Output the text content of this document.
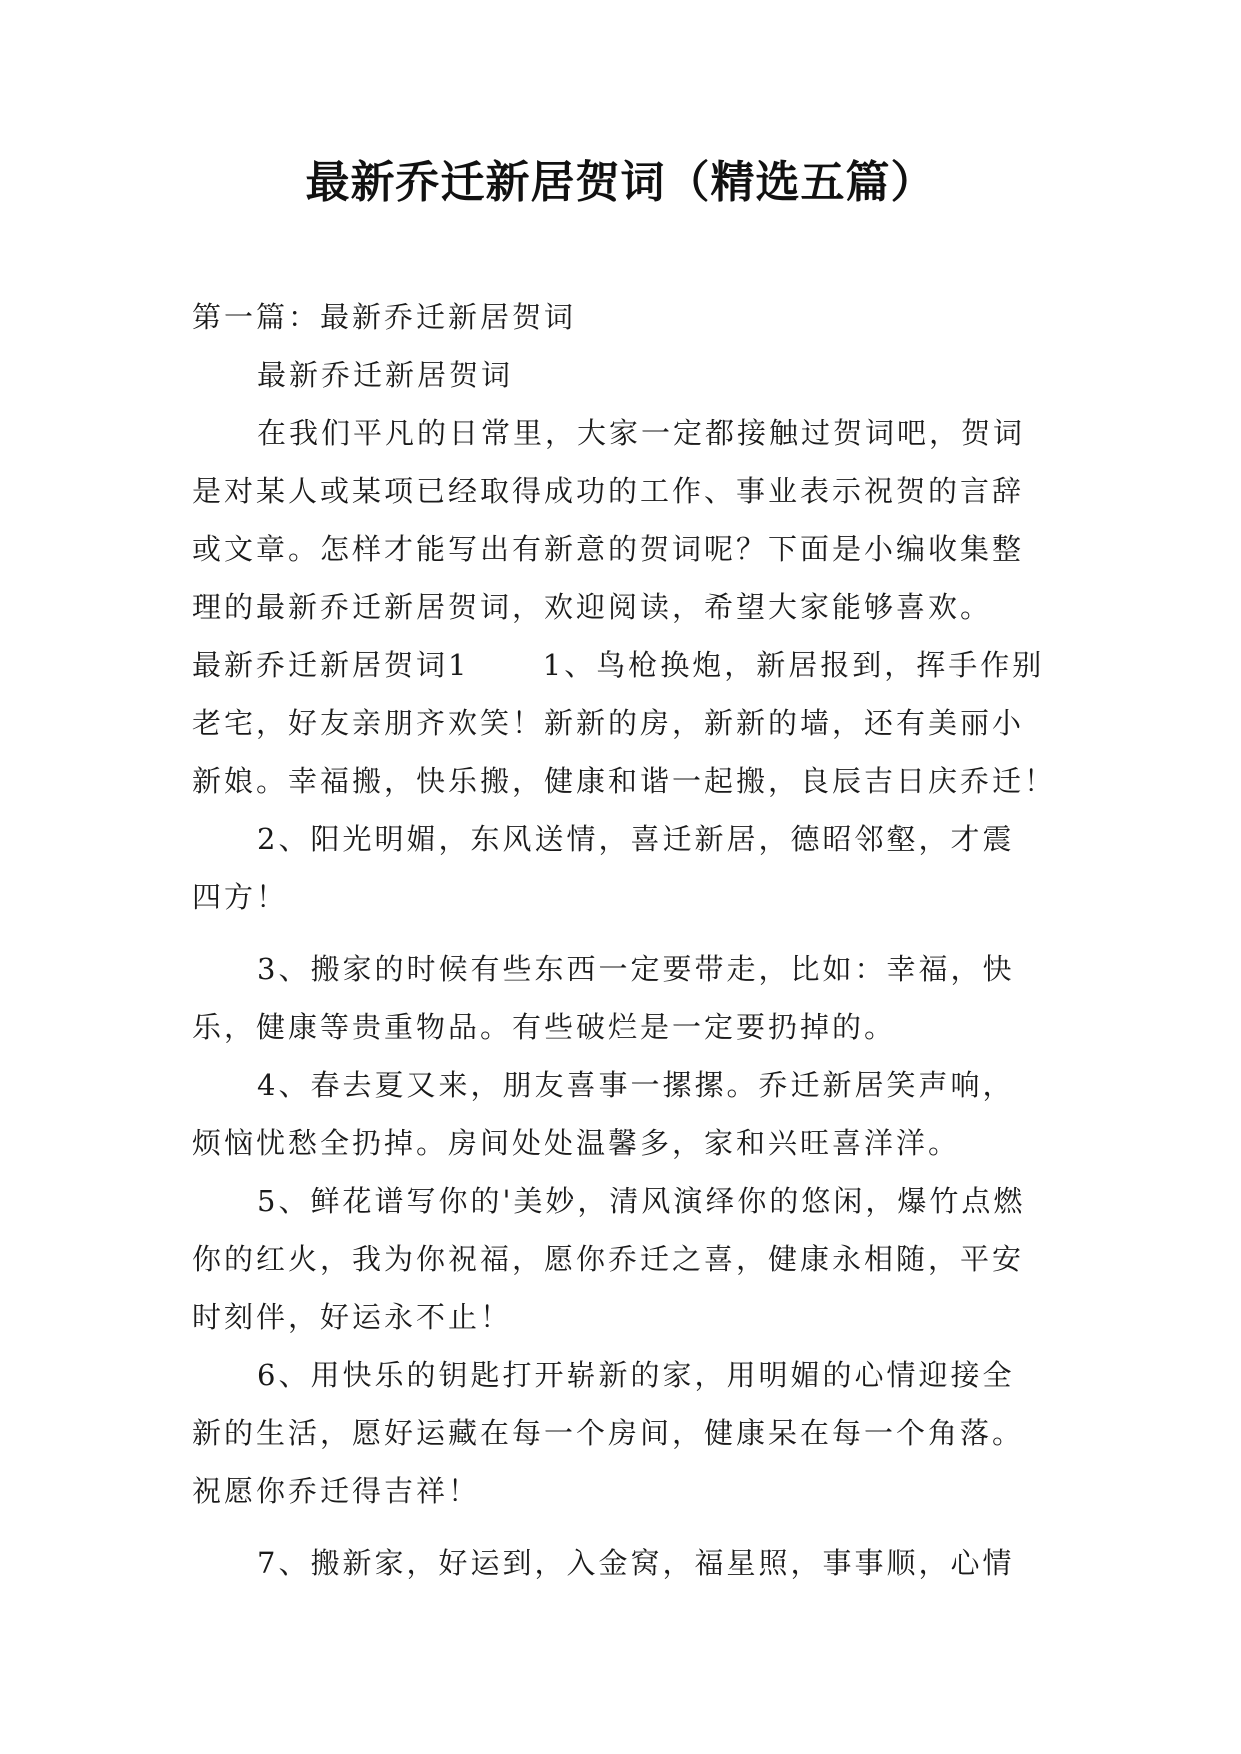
最新乔迁新居贺词（精选五篇）
第一篇：最新乔迁新居贺词
最新乔迁新居贺词
在我们平凡的日常里，大家一定都接触过贺词吧，贺词
是对某人或某项已经取得成功的工作、事业表示祝贺的言辞
或文章。怎样才能写出有新意的贺词呢？下面是小编收集整
理的最新乔迁新居贺词，欢迎阅读，希望大家能够喜欢。
最新乔迁新居贺词1      1、鸟枪换炮，新居报到，挥手作别
老宅，好友亲朋齐欢笑！新新的房，新新的墙，还有美丽小
新娘。幸福搬，快乐搬，健康和谐一起搬，良辰吉日庆乔迁！
2、阳光明媚，东风送情，喜迁新居，德昭邻壑，才震
四方！
3、搬家的时候有些东西一定要带走，比如：幸福，快
乐，健康等贵重物品。有些破烂是一定要扔掉的。
4、春去夏又来，朋友喜事一摞摞。乔迁新居笑声响，
烦恼忧愁全扔掉。房间处处温馨多，家和兴旺喜洋洋。
5、鲜花谱写你的'美妙，清风演绎你的悠闲，爆竹点燃
你的红火，我为你祝福，愿你乔迁之喜，健康永相随，平安
时刻伴，好运永不止！
6、用快乐的钥匙打开崭新的家，用明媚的心情迎接全
新的生活，愿好运藏在每一个房间，健康呆在每一个角落。
祝愿你乔迁得吉祥！
7、搬新家，好运到，入金窝，福星照，事事顺，心情
